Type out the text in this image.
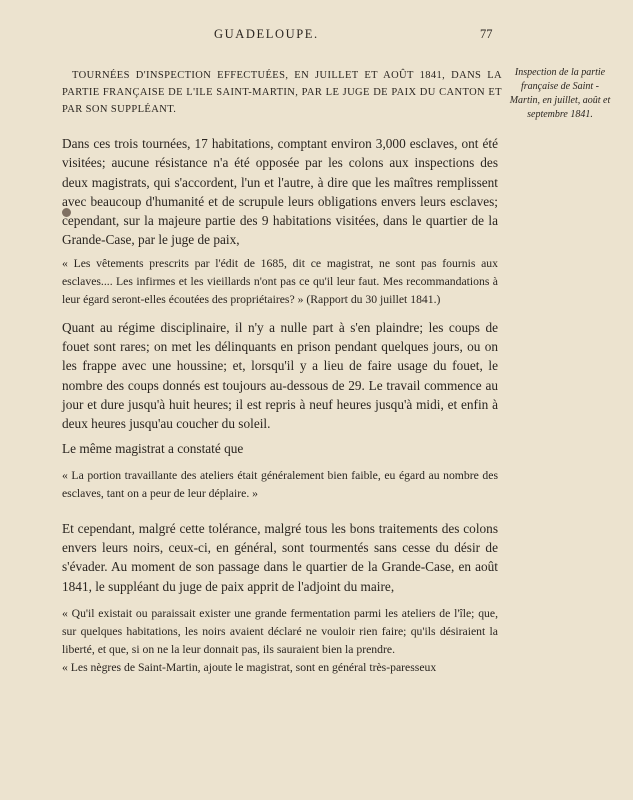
GUADELOUPE.	77
TOURNÉES D'INSPECTION EFFECTUÉES, EN JUILLET ET AOÛT 1841, DANS LA PARTIE FRANÇAISE DE L'ILE SAINT-MARTIN, PAR LE JUGE DE PAIX DU CANTON ET PAR SON SUPPLÉANT.
Inspection de la partie française de Saint - Martin, en juillet, août et septembre 1841.

Dans ces trois tournées, 17 habitations, comptant environ 3,000 esclaves, ont été visitées; aucune résistance n'a été opposée par les colons aux inspections des deux magistrats, qui s'accordent, l'un et l'autre, à dire que les maîtres remplissent avec beaucoup d'humanité et de scrupule leurs obligations envers leurs esclaves; cependant, sur la majeure partie des 9 habitations visitées, dans le quartier de la Grande-Case, par le juge de paix,

« Les vêtements prescrits par l'édit de 1685, dit ce magistrat, ne sont pas fournis aux esclaves.... Les infirmes et les vieillards n'ont pas ce qu'il leur faut. Mes recommandations à leur égard seront-elles écoutées des propriétaires? » (Rapport du 30 juillet 1841.)

Quant au régime disciplinaire, il n'y a nulle part à s'en plaindre; les coups de fouet sont rares; on met les délinquants en prison pendant quelques jours, ou on les frappe avec une houssine; et, lorsqu'il y a lieu de faire usage du fouet, le nombre des coups donnés est toujours au-dessous de 29. Le travail commence au jour et dure jusqu'à huit heures; il est repris à neuf heures jusqu'à midi, et enfin à deux heures jusqu'au coucher du soleil.

Le même magistrat a constaté que

« La portion travaillante des ateliers était généralement bien faible, eu égard au nombre des esclaves, tant on a peur de leur déplaire. »

Et cependant, malgré cette tolérance, malgré tous les bons traitements des colons envers leurs noirs, ceux-ci, en général, sont tourmentés sans cesse du désir de s'évader. Au moment de son passage dans le quartier de la Grande-Case, en août 1841, le suppléant du juge de paix apprit de l'adjoint du maire,

« Qu'il existait ou paraissait exister une grande fermentation parmi les ateliers de l'île; que, sur quelques habitations, les noirs avaient déclaré ne vouloir rien faire; qu'ils désiraient la liberté, et que, si on ne la leur donnait pas, ils sauraient bien la prendre.

« Les nègres de Saint-Martin, ajoute le magistrat, sont en général très-paresseux
